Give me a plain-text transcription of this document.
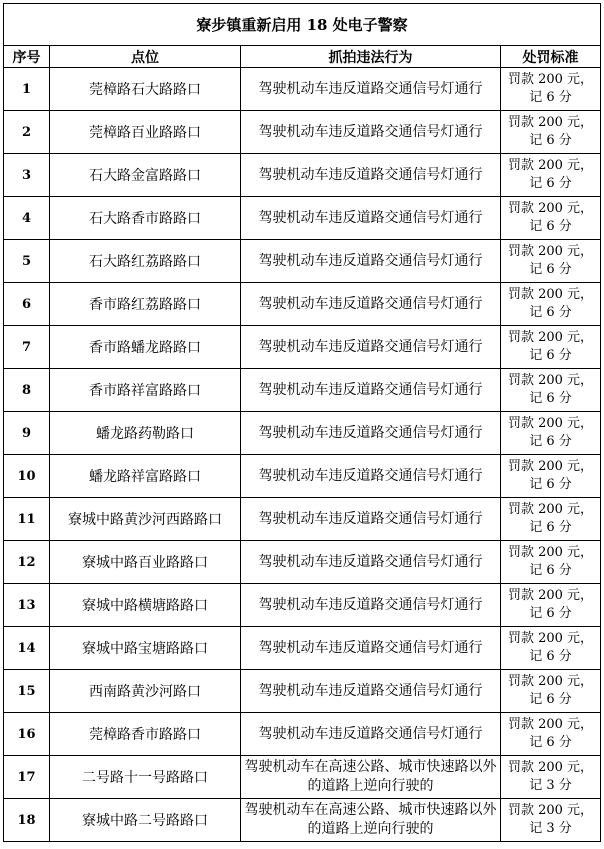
寮步镇重新启用 18 处电子警察			
序号	点位	抓拍违法行为	处罚标准
1	莞樟路石大路路口	驾驶机动车违反道路交通信号灯通行	罚款 200 元，
记 6 分

2	莞樟路百业路路口	驾驶机动车违反道路交通信号灯通行	罚款 200 元，
记 6 分

3	石大路金富路路口	驾驶机动车违反道路交通信号灯通行	罚款 200 元，
记 6 分

4	石大路香市路路口	驾驶机动车违反道路交通信号灯通行	罚款 200 元，
记 6 分

5	石大路红荔路路口	驾驶机动车违反道路交通信号灯通行	罚款 200 元，
记 6 分

6	香市路红荔路路口	驾驶机动车违反道路交通信号灯通行	罚款 200 元，
记 6 分

7	香市路蟠龙路路口	驾驶机动车违反道路交通信号灯通行	罚款 200 元，
记 6 分

8	香市路祥富路路口	驾驶机动车违反道路交通信号灯通行	罚款 200 元，
记 6 分

9	蟠龙路药勒路口	驾驶机动车违反道路交通信号灯通行	罚款 200 元，
记 6 分

10	蟠龙路祥富路路口	驾驶机动车违反道路交通信号灯通行	罚款 200 元，
记 6 分

11	寮城中路黄沙河西路路口	驾驶机动车违反道路交通信号灯通行	罚款 200 元，
记 6 分

12	寮城中路百业路路口	驾驶机动车违反道路交通信号灯通行	罚款 200 元，
记 6 分

13	寮城中路横塘路路口	驾驶机动车违反道路交通信号灯通行	罚款 200 元，
记 6 分

14	寮城中路宝塘路路口	驾驶机动车违反道路交通信号灯通行	罚款 200 元，
记 6 分

15	西南路黄沙河路口	驾驶机动车违反道路交通信号灯通行	罚款 200 元，
记 6 分

16	莞樟路香市路路口	驾驶机动车违反道路交通信号灯通行	罚款 200 元，
记 6 分

17	二号路十一号路路口	驾驶机动车在高速公路、城市快速路以外的道路上逆向行驶的	罚款 200 元，
记 3 分

18	寮城中路二号路路口	驾驶机动车在高速公路、城市快速路以外的道路上逆向行驶的	罚款 200 元，
记 3 分
